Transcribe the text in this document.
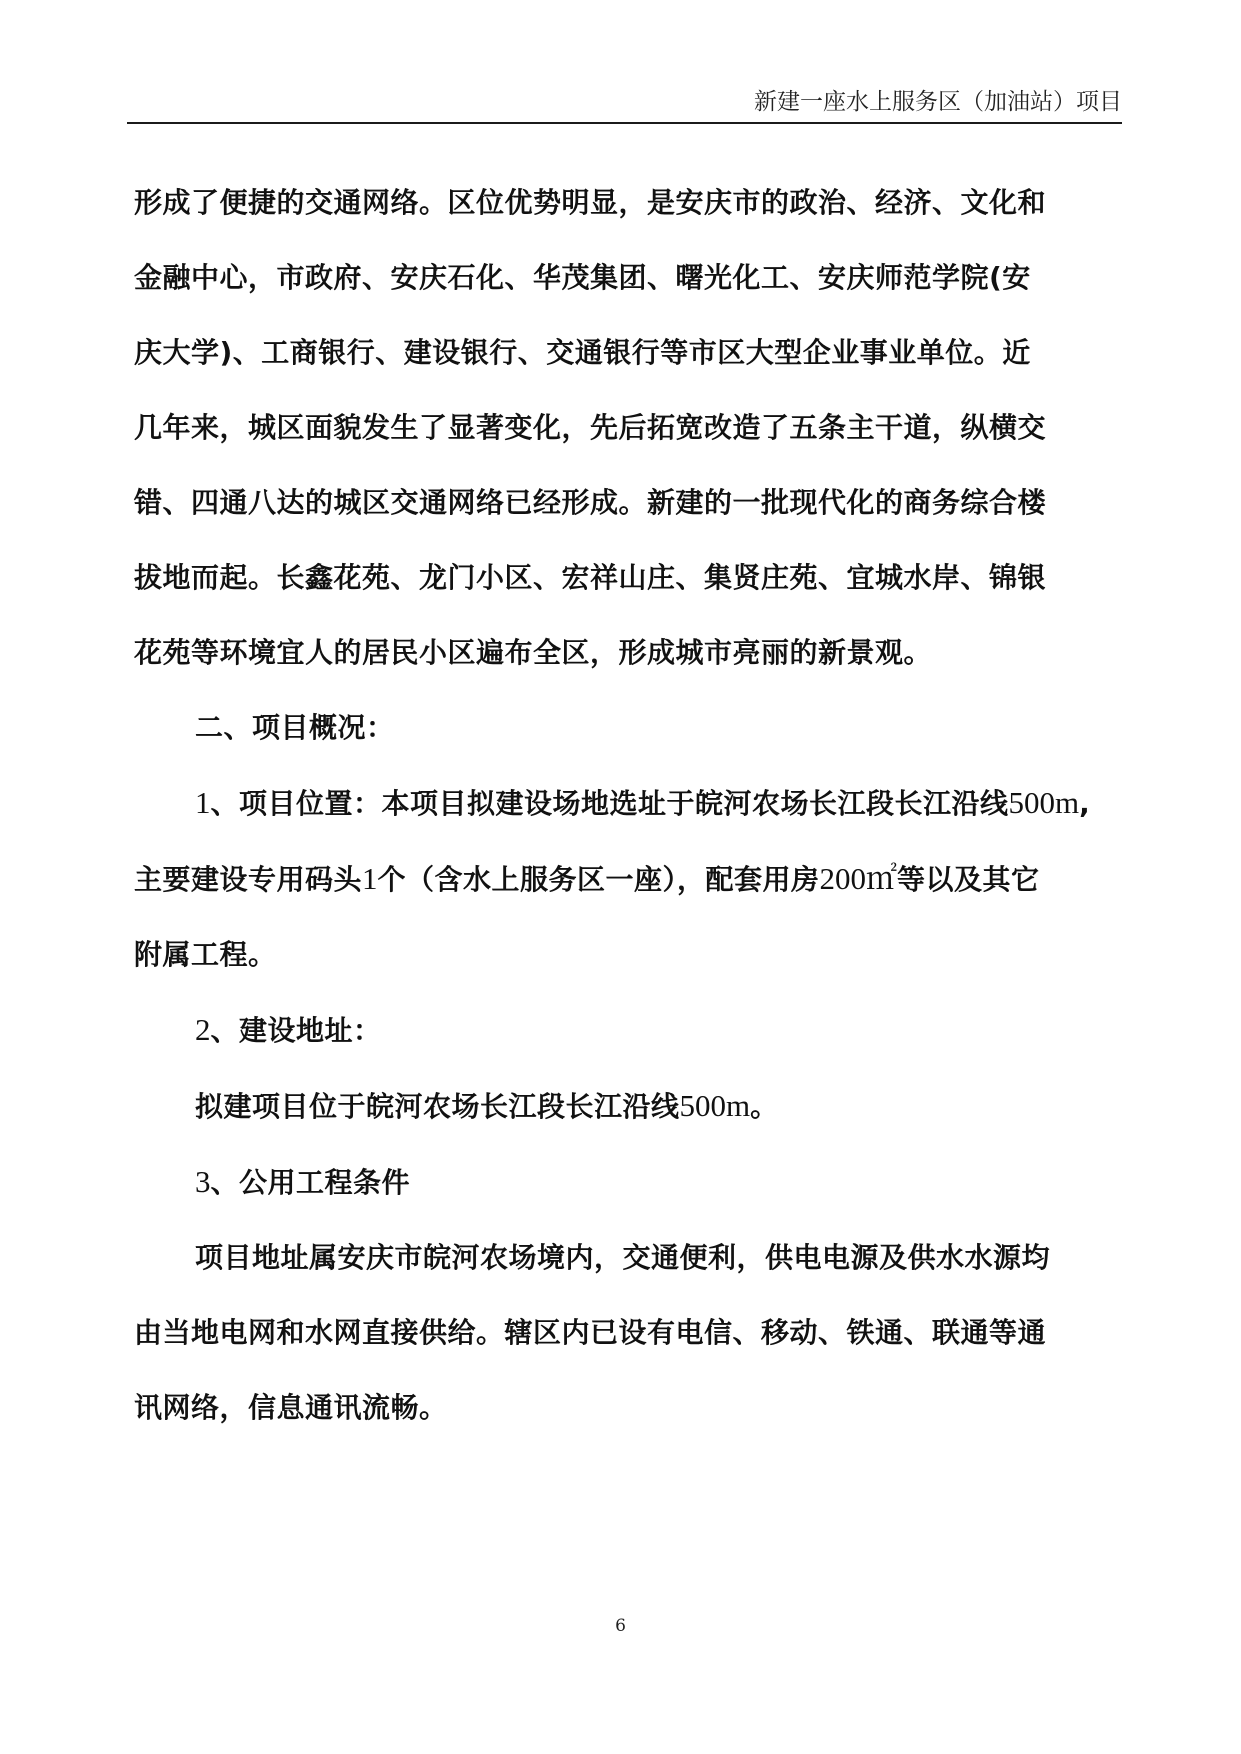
新建一座水上服务区（加油站）项目

形成了便捷的交通网络。区位优势明显，是安庆市的政治、经济、文化和

金融中心，市政府、安庆石化、华茂集团、曙光化工、安庆师范学院(安

庆大学)、工商银行、建设银行、交通银行等市区大型企业事业单位。近

几年来，城区面貌发生了显著变化，先后拓宽改造了五条主干道，纵横交

错、四通八达的城区交通网络已经形成。新建的一批现代化的商务综合楼

拔地而起。长鑫花苑、龙门小区、宏祥山庄、集贤庄苑、宜城水岸、锦银

花苑等环境宜人的居民小区遍布全区，形成城市亮丽的新景观。

二、项目概况：

1、项目位置：本项目拟建设场地选址于皖河农场长江段长江沿线500m,

主要建设专用码头1个（含水上服务区一座），配套用房200㎡等以及其它

附属工程。

2、建设地址：

拟建项目位于皖河农场长江段长江沿线500m。

3、公用工程条件

项目地址属安庆市皖河农场境内，交通便利，供电电源及供水水源均

由当地电网和水网直接供给。辖区内已设有电信、移动、铁通、联通等通

讯网络，信息通讯流畅。

6
